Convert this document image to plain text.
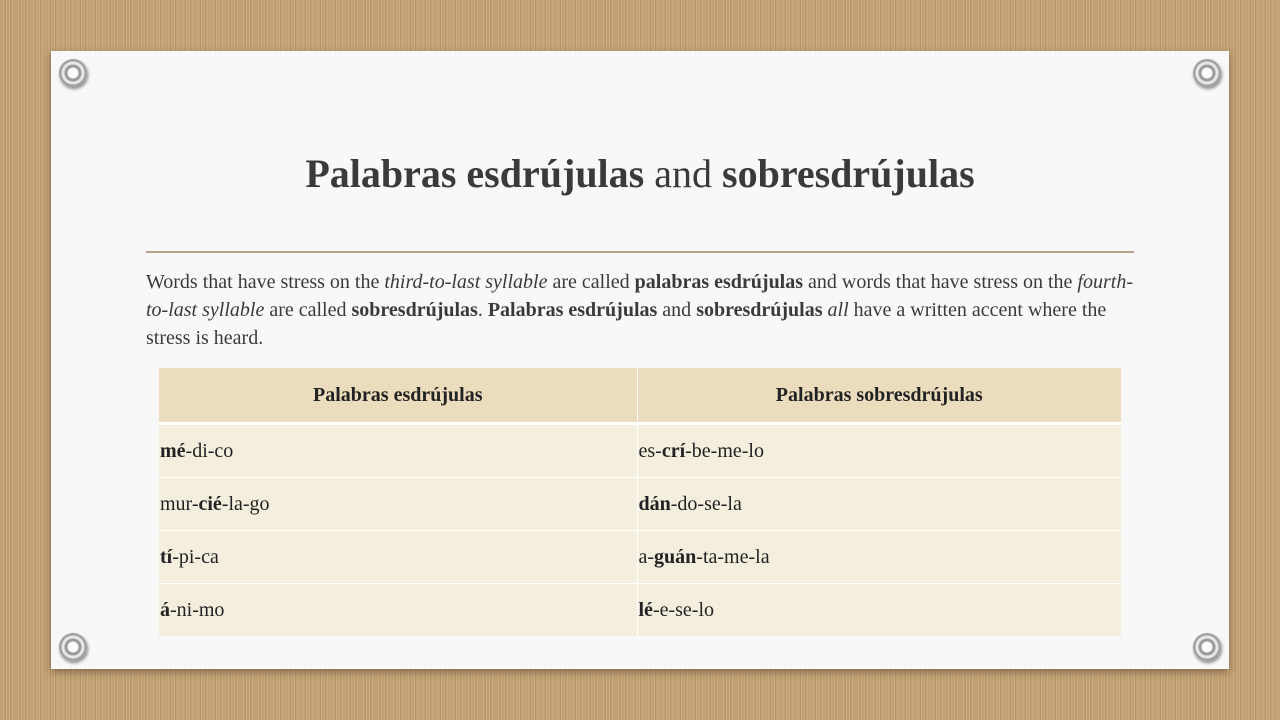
Palabras esdrújulas and sobresdrújulas

Words that have stress on the third-to-last syllable are called palabras esdrújulas and words that have stress on the fourth-to-last syllable are called sobresdrújulas. Palabras esdrújulas and sobresdrújulas all have a written accent where the stress is heard.

Palabras esdrújulas	Palabras sobresdrújulas
mé-di-co	es-crí-be-me-lo
mur-cié-la-go	dán-do-se-la
tí-pi-ca	a-guán-ta-me-la
á-ni-mo	lé-e-se-lo
